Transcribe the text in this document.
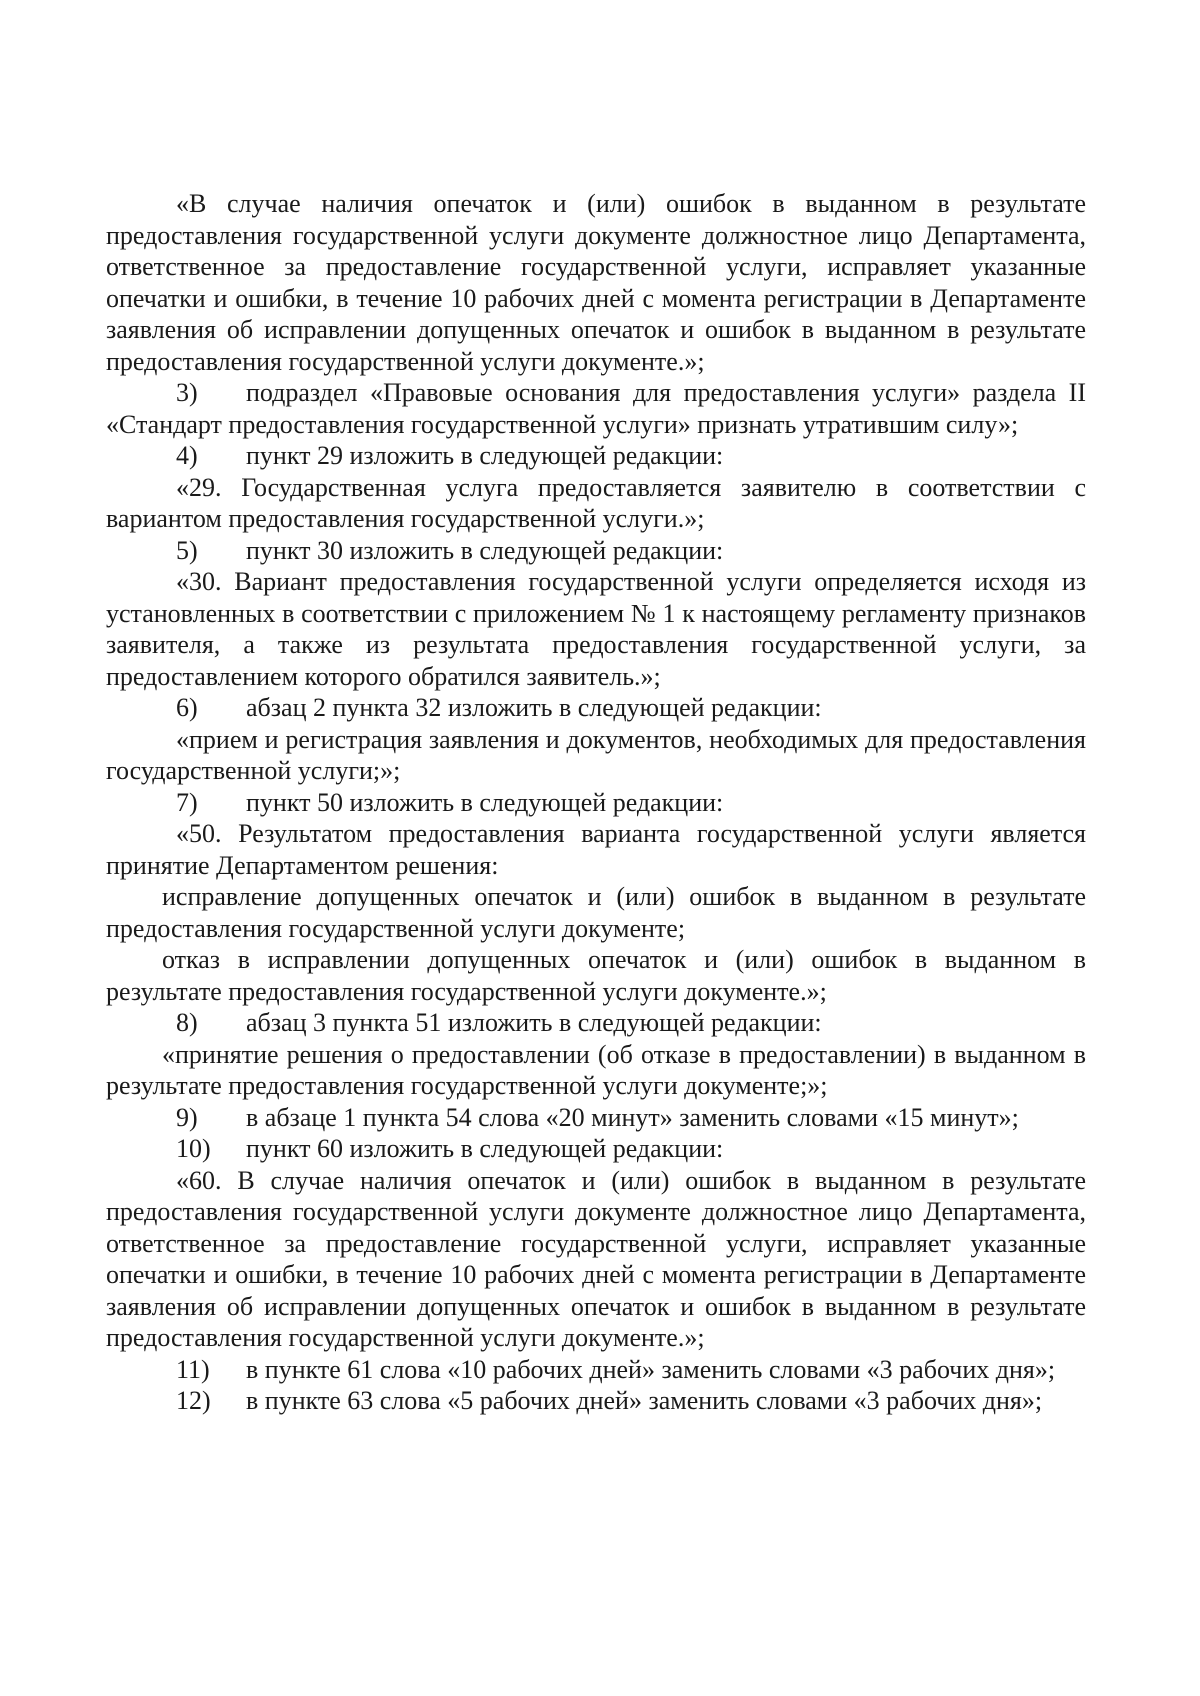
«В случае наличия опечаток и (или) ошибок в выданном в результате предоставления государственной услуги документе должностное лицо Департамента, ответственное за предоставление государственной услуги, исправляет указанные опечатки и ошибки, в течение 10 рабочих дней с момента регистрации в Департаменте заявления об исправлении допущенных опечаток и ошибок в выданном в результате предоставления государственной услуги документе.»;

3) подраздел «Правовые основания для предоставления услуги» раздела II «Стандарт предоставления государственной услуги» признать утратившим силу»;

4) пункт 29 изложить в следующей редакции:

«29. Государственная услуга предоставляется заявителю в соответствии с вариантом предоставления государственной услуги.»;

5) пункт 30 изложить в следующей редакции:

«30. Вариант предоставления государственной услуги определяется исходя из установленных в соответствии с приложением № 1 к настоящему регламенту признаков заявителя, а также из результата предоставления государственной услуги, за предоставлением которого обратился заявитель.»;

6) абзац 2 пункта 32 изложить в следующей редакции:

«прием и регистрация заявления и документов, необходимых для предоставления государственной услуги;»;

7) пункт 50 изложить в следующей редакции:

«50. Результатом предоставления варианта государственной услуги является принятие Департаментом решения:

исправление допущенных опечаток и (или) ошибок в выданном в результате предоставления государственной услуги документе;

отказ в исправлении допущенных опечаток и (или) ошибок в выданном в результате предоставления государственной услуги документе.»;

8) абзац 3 пункта 51 изложить в следующей редакции:

«принятие решения о предоставлении (об отказе в предоставлении) в выданном в результате предоставления государственной услуги документе;»;

9) в абзаце 1 пункта 54 слова «20 минут» заменить словами «15 минут»;

10) пункт 60 изложить в следующей редакции:

«60. В случае наличия опечаток и (или) ошибок в выданном в результате предоставления государственной услуги документе должностное лицо Департамента, ответственное за предоставление государственной услуги, исправляет указанные опечатки и ошибки, в течение 10 рабочих дней с момента регистрации в Департаменте заявления об исправлении допущенных опечаток и ошибок в выданном в результате предоставления государственной услуги документе.»;

11) в пункте 61 слова «10 рабочих дней» заменить словами «3 рабочих дня»;

12) в пункте 63 слова «5 рабочих дней» заменить словами «3 рабочих дня»;
